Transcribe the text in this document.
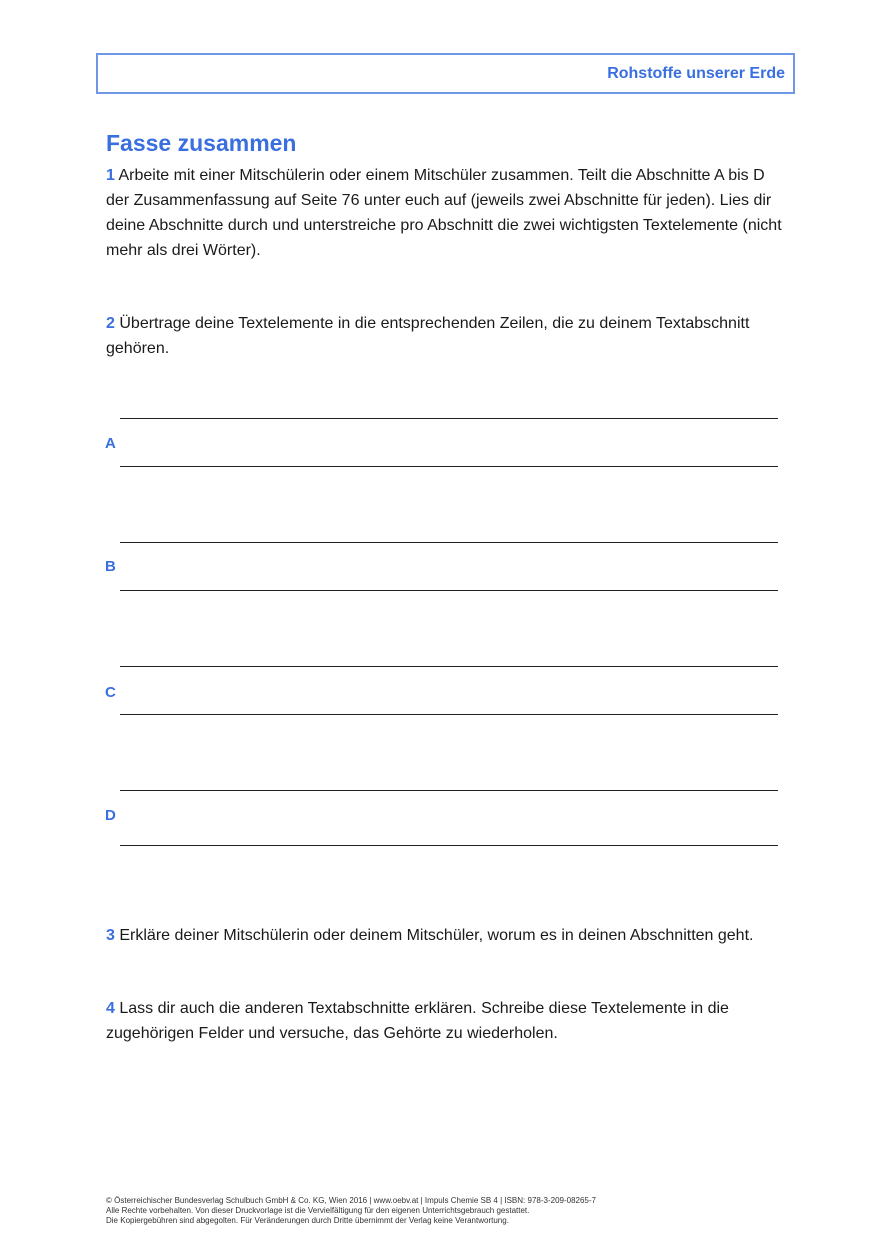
Rohstoffe unserer Erde
Fasse zusammen

1 Arbeite mit einer Mitschülerin oder einem Mitschüler zusammen. Teilt die Abschnitte A bis D der Zusammenfassung auf Seite 76 unter euch auf (jeweils zwei Abschnitte für jeden). Lies dir deine Abschnitte durch und unterstreiche pro Abschnitt die zwei wichtigsten Textelemente (nicht mehr als drei Wörter).

2 Übertrage deine Textelemente in die entsprechenden Zeilen, die zu deinem Textabschnitt gehören.

A
B
C
D

3 Erkläre deiner Mitschülerin oder deinem Mitschüler, worum es in deinen Abschnitten geht.

4 Lass dir auch die anderen Textabschnitte erklären. Schreibe diese Textelemente in die zugehörigen Felder und versuche, das Gehörte zu wiederholen.

© Österreichischer Bundesverlag Schulbuch GmbH & Co. KG, Wien 2016 | www.oebv.at | Impuls Chemie SB 4 | ISBN: 978-3-209-08265-7
Alle Rechte vorbehalten. Von dieser Druckvorlage ist die Vervielfältigung für den eigenen Unterrichtsgebrauch gestattet.
Die Kopiergebühren sind abgegolten. Für Veränderungen durch Dritte übernimmt der Verlag keine Verantwortung.
